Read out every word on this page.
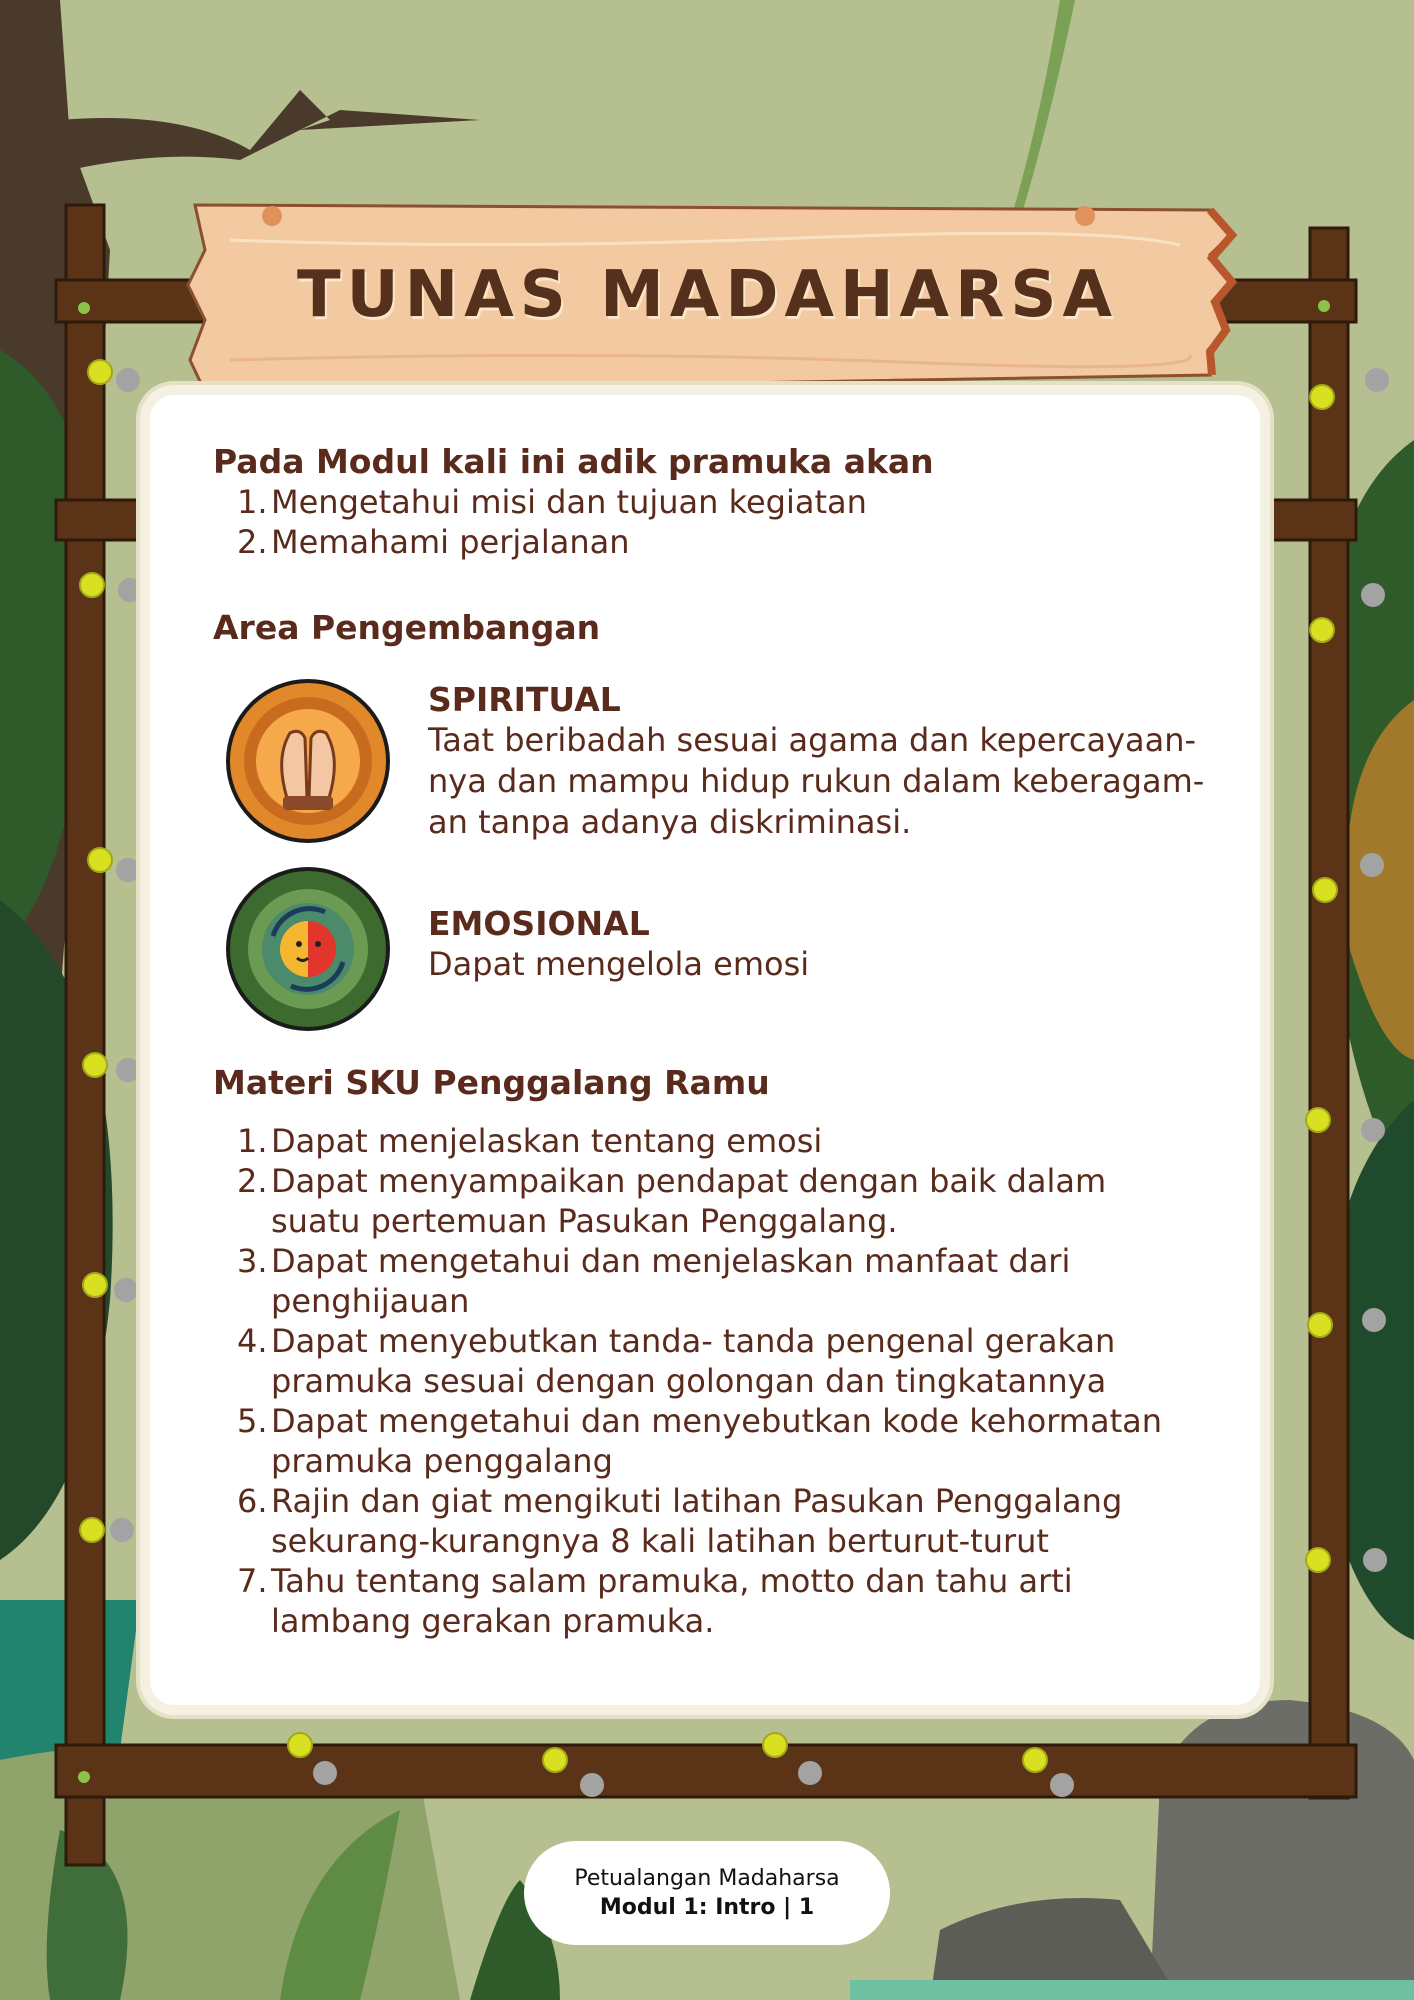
TUNAS MADAHARSA

Pada Modul kali ini adik pramuka akan

1. Mengetahui misi dan tujuan kegiatan
2. Memahami perjalanan

Area Pengembangan

SPIRITUAL
Taat beribadah sesuai agama dan kepercayaan-nya dan mampu hidup rukun dalam keberagam-an tanpa adanya diskriminasi.
EMOSIONAL
Dapat mengelola emosi

Materi SKU Penggalang Ramu

1. Dapat menjelaskan tentang emosi
2. Dapat menyampaikan pendapat dengan baik dalam suatu pertemuan Pasukan Penggalang.
3. Dapat mengetahui dan menjelaskan manfaat dari penghijauan
4. Dapat menyebutkan tanda- tanda pengenal gerakan pramuka sesuai dengan golongan dan tingkatannya
5. Dapat mengetahui dan menyebutkan kode kehormatan pramuka penggalang
6. Rajin dan giat mengikuti latihan Pasukan Penggalang sekurang-kurangnya 8 kali latihan berturut-turut
7. Tahu tentang salam pramuka, motto dan tahu arti lambang gerakan pramuka.
Petualangan Madaharsa
Modul 1: Intro | 1
